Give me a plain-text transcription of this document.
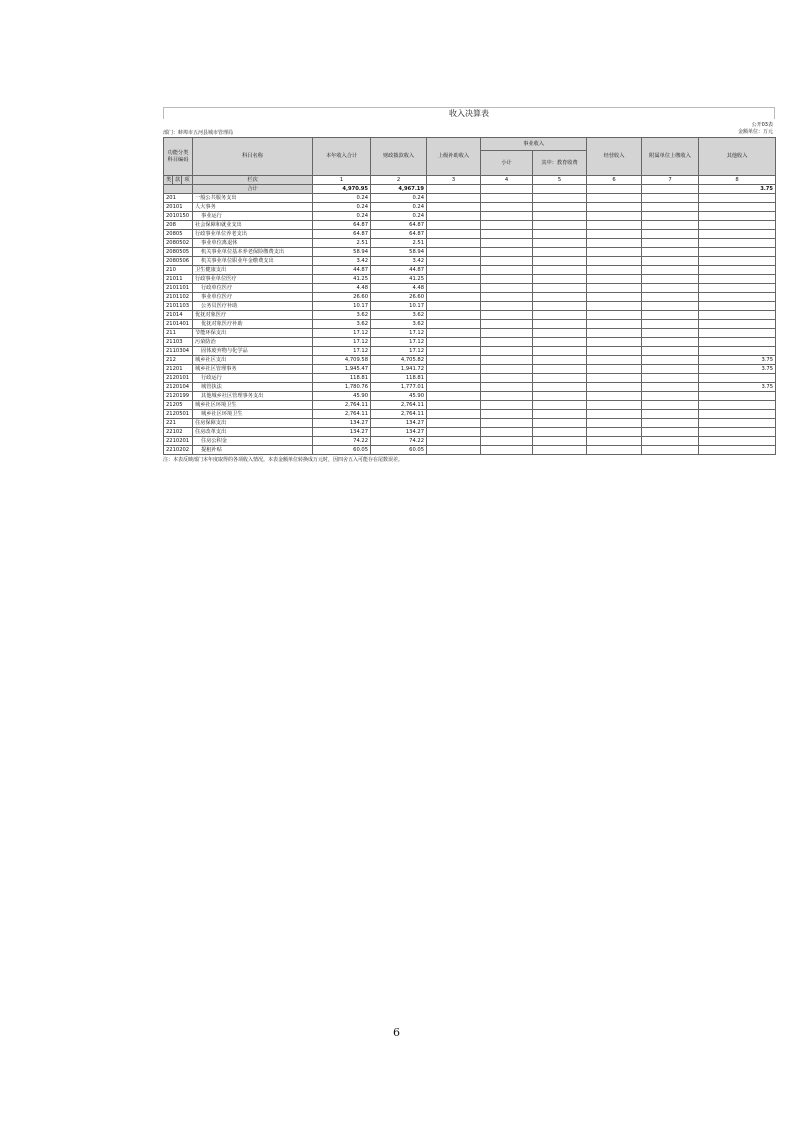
收入决算表
公开03表
部门：蚌埠市五河县城市管理局	金额单位：万元
功能分类科目编码			科目名称	本年收入合计	财政拨款收入	上级补助收入	事业收入		经营收入	附属单位上缴收入	其他收入
							小计	其中：教育收费			
类	款	项	栏次	1	2	3	4	5	6	7	8
			合计	4,970.95	4,967.19						3.75
201			一般公共服务支出	0.24	0.24						
20101			人大事务	0.24	0.24						
2010150			事业运行	0.24	0.24						
208			社会保障和就业支出	64.87	64.87						
20805			行政事业单位养老支出	64.87	64.87						
2080502			事业单位离退休	2.51	2.51						
2080505			机关事业单位基本养老保险缴费支出	58.94	58.94						
2080506			机关事业单位职业年金缴费支出	3.42	3.42						
210			卫生健康支出	44.87	44.87						
21011			行政事业单位医疗	41.25	41.25						
2101101			行政单位医疗	4.48	4.48						
2101102			事业单位医疗	26.60	26.60						
2101103			公务员医疗补助	10.17	10.17						
21014			优抚对象医疗	3.62	3.62						
2101401			优抚对象医疗补助	3.62	3.62						
211			节能环保支出	17.12	17.12						
21103			污染防治	17.12	17.12						
2110304			固体废弃物与化学品	17.12	17.12						
212			城乡社区支出	4,709.58	4,705.82						3.75
21201			城乡社区管理事务	1,945.47	1,941.72						3.75
2120101			行政运行	118.81	118.81						
2120104			城管执法	1,780.76	1,777.01						3.75
2120199			其他城乡社区管理事务支出	45.90	45.90						
21205			城乡社区环境卫生	2,764.11	2,764.11						
2120501			城乡社区环境卫生	2,764.11	2,764.11						
221			住房保障支出	134.27	134.27						
22102			住房改革支出	134.27	134.27						
2210201			住房公积金	74.22	74.22						
2210202			提租补贴	60.05	60.05						
注：本表反映部门本年度取得的各项收入情况。本表金额单位转换成万元时，因四舍五入可能存在尾数误差。
6
